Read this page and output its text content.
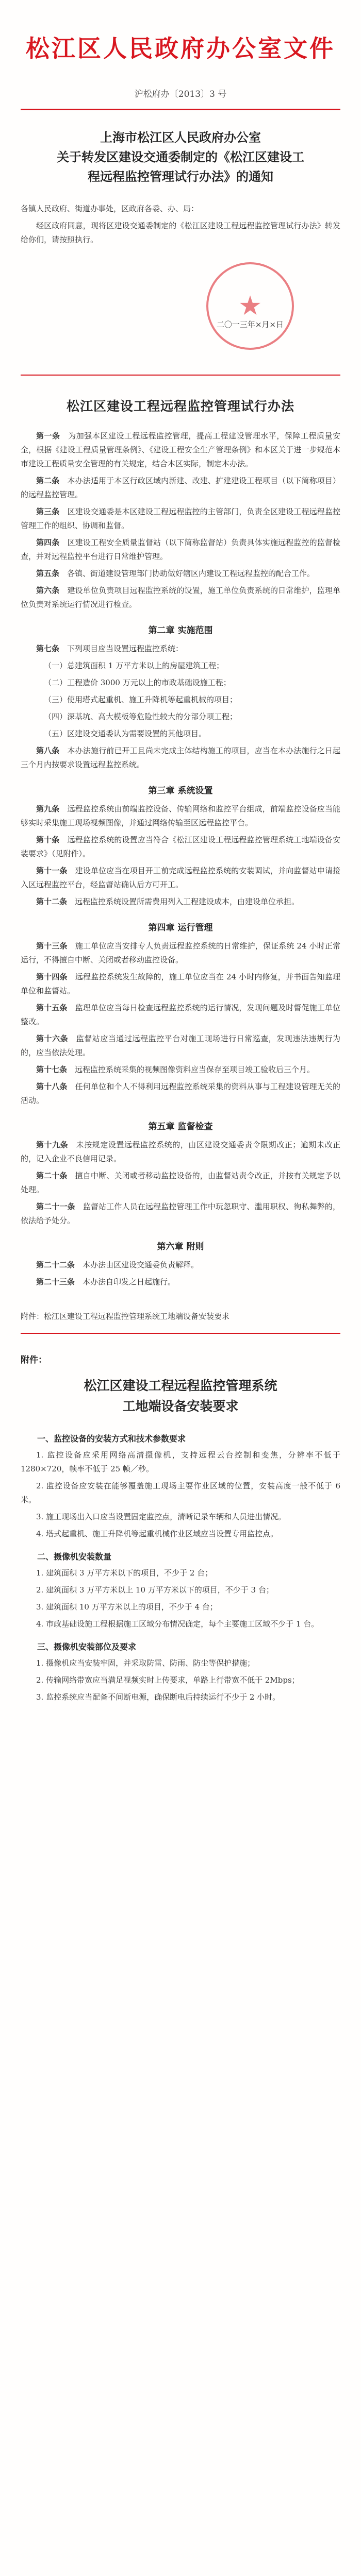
松江区人民政府办公室文件
沪松府办〔2013〕3 号
上海市松江区人民政府办公室
关于转发区建设交通委制定的《松江区建设工
程远程监控管理试行办法》的通知

各镇人民政府、街道办事处，区政府各委、办、局：

经区政府同意，现将区建设交通委制定的《松江区建设工程远程监控管理试行办法》转发给你们，请按照执行。

★
二〇一三年×月×日
松江区建设工程远程监控管理试行办法

第一条　 为加强本区建设工程远程监控管理，提高工程建设管理水平，保障工程质量安全，根据《建设工程质量管理条例》、《建设工程安全生产管理条例》和本区关于进一步规范本市建设工程质量安全管理的有关规定，结合本区实际，制定本办法。

第二条　 本办法适用于本区行政区域内新建、改建、扩建建设工程项目（以下简称项目）的远程监控管理。

第三条　 区建设交通委是本区建设工程远程监控的主管部门，负责全区建设工程远程监控管理工作的组织、协调和监督。

第四条　 区建设工程安全质量监督站（以下简称监督站）负责具体实施远程监控的监督检查，并对远程监控平台进行日常维护管理。

第五条　 各镇、街道建设管理部门协助做好辖区内建设工程远程监控的配合工作。

第六条　 建设单位负责项目远程监控系统的设置，施工单位负责系统的日常维护，监理单位负责对系统运行情况进行检查。

第二章 实施范围

第七条　 下列项目应当设置远程监控系统：

（一）总建筑面积 1 万平方米以上的房屋建筑工程；

（二）工程造价 3000 万元以上的市政基础设施工程；

（三）使用塔式起重机、施工升降机等起重机械的项目；

（四）深基坑、高大模板等危险性较大的分部分项工程；

（五）区建设交通委认为需要设置的其他项目。

第八条　 本办法施行前已开工且尚未完成主体结构施工的项目，应当在本办法施行之日起三个月内按要求设置远程监控系统。

第三章 系统设置

第九条　 远程监控系统由前端监控设备、传输网络和监控平台组成，前端监控设备应当能够实时采集施工现场视频图像，并通过网络传输至区远程监控平台。

第十条　 远程监控系统的设置应当符合《松江区建设工程远程监控管理系统工地端设备安装要求》（见附件）。

第十一条　 建设单位应当在项目开工前完成远程监控系统的安装调试，并向监督站申请接入区远程监控平台，经监督站确认后方可开工。

第十二条　 远程监控系统设置所需费用列入工程建设成本，由建设单位承担。

第四章 运行管理

第十三条　 施工单位应当安排专人负责远程监控系统的日常维护，保证系统 24 小时正常运行，不得擅自中断、关闭或者移动监控设备。

第十四条　 远程监控系统发生故障的，施工单位应当在 24 小时内修复，并书面告知监理单位和监督站。

第十五条　 监理单位应当每日检查远程监控系统的运行情况，发现问题及时督促施工单位整改。

第十六条　 监督站应当通过远程监控平台对施工现场进行日常巡查，发现违法违规行为的，应当依法处理。

第十七条　 远程监控系统采集的视频图像资料应当保存至项目竣工验收后三个月。

第十八条　 任何单位和个人不得利用远程监控系统采集的资料从事与工程建设管理无关的活动。

第五章 监督检查

第十九条　 未按规定设置远程监控系统的，由区建设交通委责令限期改正；逾期未改正的，记入企业不良信用记录。

第二十条　 擅自中断、关闭或者移动监控设备的，由监督站责令改正，并按有关规定予以处理。

第二十一条　 监督站工作人员在远程监控管理工作中玩忽职守、滥用职权、徇私舞弊的，依法给予处分。

第六章 附则

第二十二条　 本办法由区建设交通委负责解释。

第二十三条　 本办法自印发之日起施行。

附件：松江区建设工程远程监控管理系统工地端设备安装要求

附件：
松江区建设工程远程监控管理系统
工地端设备安装要求
一、监控设备的安装方式和技术参数要求

1. 监控设备应采用网络高清摄像机，支持远程云台控制和变焦，分辨率不低于 1280×720，帧率不低于 25 帧／秒。

2. 监控设备应安装在能够覆盖施工现场主要作业区域的位置，安装高度一般不低于 6 米。

3. 施工现场出入口应当设置固定监控点，清晰记录车辆和人员进出情况。

4. 塔式起重机、施工升降机等起重机械作业区域应当设置专用监控点。

二、摄像机安装数量

1. 建筑面积 3 万平方米以下的项目，不少于 2 台；

2. 建筑面积 3 万平方米以上 10 万平方米以下的项目，不少于 3 台；

3. 建筑面积 10 万平方米以上的项目，不少于 4 台；

4. 市政基础设施工程根据施工区域分布情况确定，每个主要施工区域不少于 1 台。

三、摄像机安装部位及要求

1. 摄像机应当安装牢固，并采取防雷、防雨、防尘等保护措施；

2. 传输网络带宽应当满足视频实时上传要求，单路上行带宽不低于 2Mbps；

3. 监控系统应当配备不间断电源，确保断电后持续运行不少于 2 小时。
